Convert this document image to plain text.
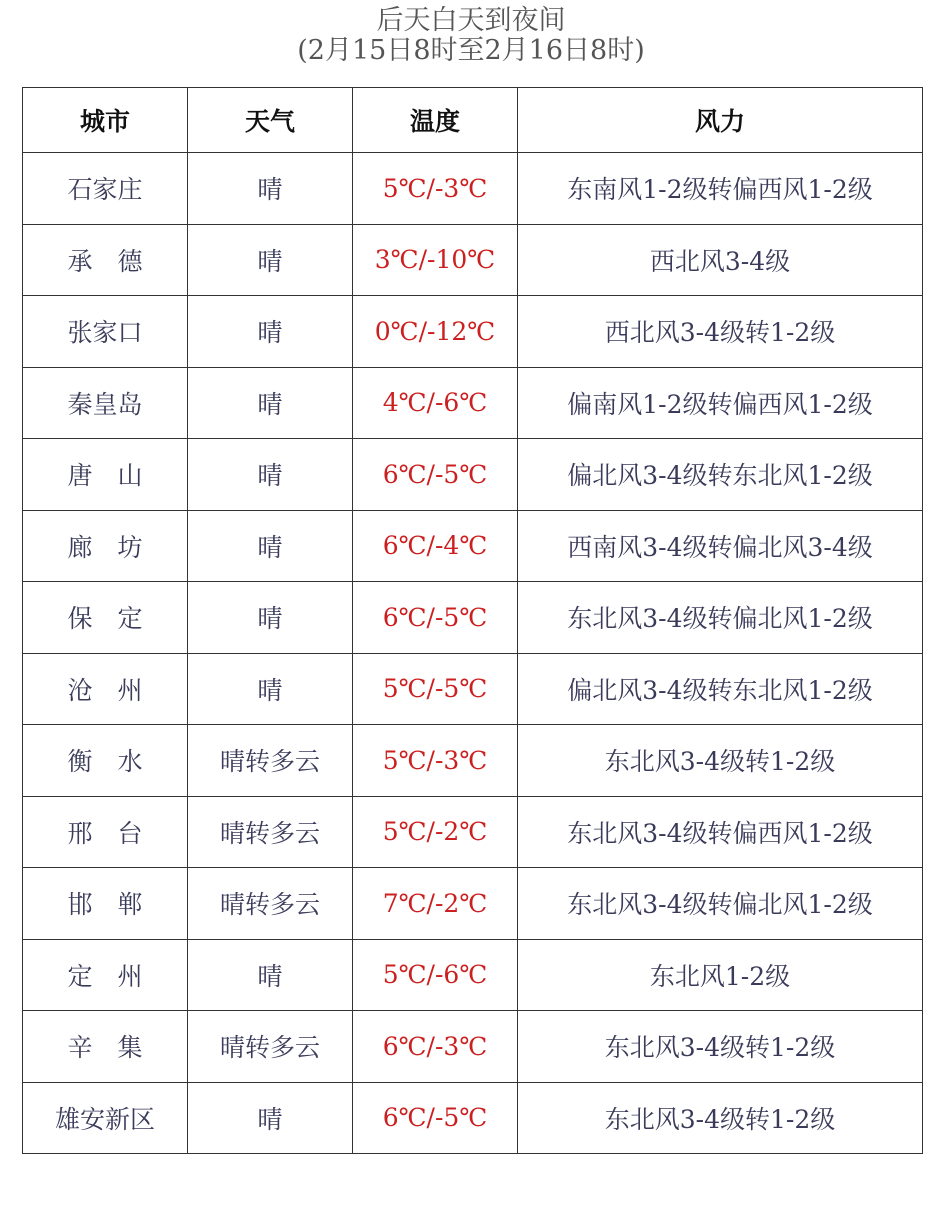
后天白天到夜间
(2月15日8时至2月16日8时)
城市	天气	温度	风力
石家庄	晴	5℃/-3℃	东南风1-2级转偏西风1-2级
承　德	晴	3℃/-10℃	西北风3-4级
张家口	晴	0℃/-12℃	西北风3-4级转1-2级
秦皇岛	晴	4℃/-6℃	偏南风1-2级转偏西风1-2级
唐　山	晴	6℃/-5℃	偏北风3-4级转东北风1-2级
廊　坊	晴	6℃/-4℃	西南风3-4级转偏北风3-4级
保　定	晴	6℃/-5℃	东北风3-4级转偏北风1-2级
沧　州	晴	5℃/-5℃	偏北风3-4级转东北风1-2级
衡　水	晴转多云	5℃/-3℃	东北风3-4级转1-2级
邢　台	晴转多云	5℃/-2℃	东北风3-4级转偏西风1-2级
邯　郸	晴转多云	7℃/-2℃	东北风3-4级转偏北风1-2级
定　州	晴	5℃/-6℃	东北风1-2级
辛　集	晴转多云	6℃/-3℃	东北风3-4级转1-2级
雄安新区	晴	6℃/-5℃	东北风3-4级转1-2级
